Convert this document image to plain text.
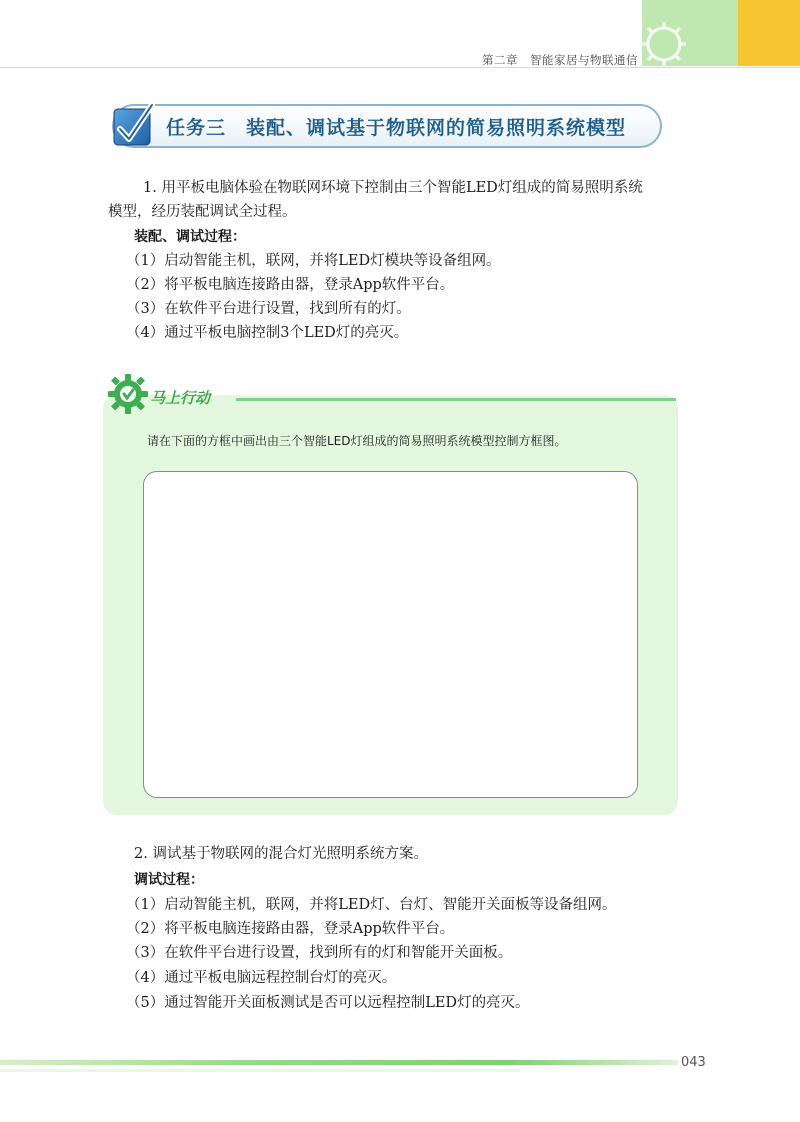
第二章 智能家居与物联通信
任务三 装配、调试基于物联网的简易照明系统模型
1. 用平板电脑体验在物联网环境下控制由三个智能LED灯组成的简易照明系统
模型，经历装配调试全过程。
装配、调试过程：
（1）启动智能主机，联网，并将LED灯模块等设备组网。
（2）将平板电脑连接路由器，登录App软件平台。
（3）在软件平台进行设置，找到所有的灯。
（4）通过平板电脑控制3个LED灯的亮灭。
马上行动
请在下面的方框中画出由三个智能LED灯组成的简易照明系统模型控制方框图。
2. 调试基于物联网的混合灯光照明系统方案。
调试过程：
（1）启动智能主机，联网，并将LED灯、台灯、智能开关面板等设备组网。
（2）将平板电脑连接路由器，登录App软件平台。
（3）在软件平台进行设置，找到所有的灯和智能开关面板。
（4）通过平板电脑远程控制台灯的亮灭。
（5）通过智能开关面板测试是否可以远程控制LED灯的亮灭。
043
